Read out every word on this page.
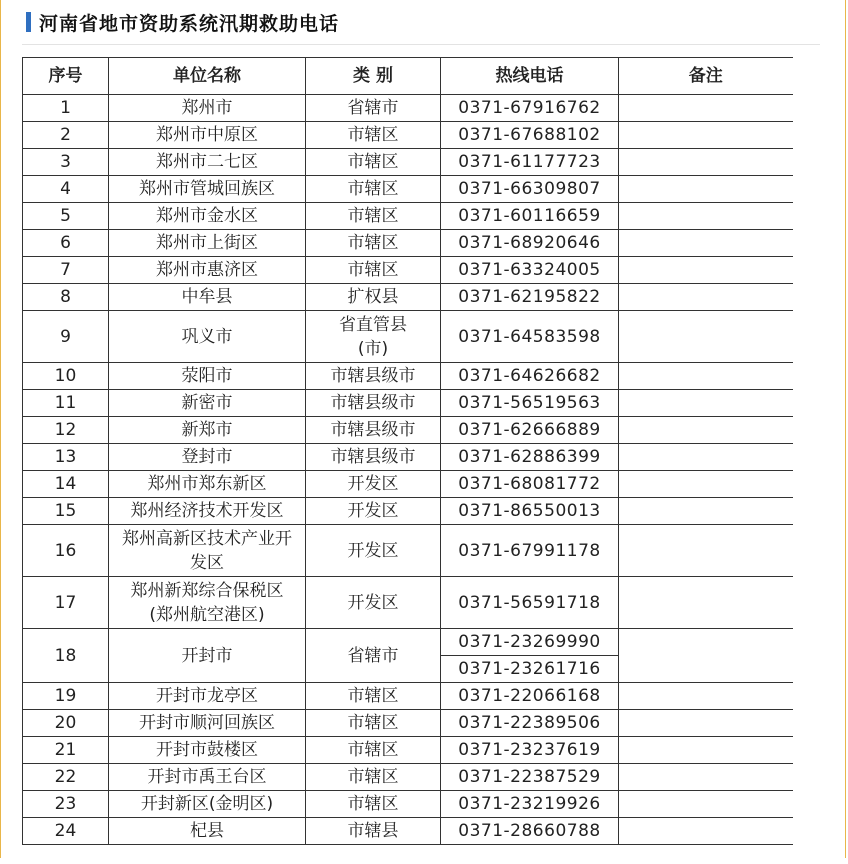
河南省地市资助系统汛期救助电话
序号	单位名称	类 别	热线电话	备注
1	郑州市	省辖市	0371-67916762	
2	郑州市中原区	市辖区	0371-67688102	
3	郑州市二七区	市辖区	0371-61177723	
4	郑州市管城回族区	市辖区	0371-66309807	
5	郑州市金水区	市辖区	0371-60116659	
6	郑州市上街区	市辖区	0371-68920646	
7	郑州市惠济区	市辖区	0371-63324005	
8	中牟县	扩权县	0371-62195822	
9	巩义市	省直管县
(市)	0371-64583598	
10	荥阳市	市辖县级市	0371-64626682	
11	新密市	市辖县级市	0371-56519563	
12	新郑市	市辖县级市	0371-62666889	
13	登封市	市辖县级市	0371-62886399	
14	郑州市郑东新区	开发区	0371-68081772	
15	郑州经济技术开发区	开发区	0371-86550013	
16	郑州高新区技术产业开
发区	开发区	0371-67991178	
17	郑州新郑综合保税区
(郑州航空港区)	开发区	0371-56591718	
18	开封市	省辖市	0371-23269990	
			0371-23261716	
19	开封市龙亭区	市辖区	0371-22066168	
20	开封市顺河回族区	市辖区	0371-22389506	
21	开封市鼓楼区	市辖区	0371-23237619	
22	开封市禹王台区	市辖区	0371-22387529	
23	开封新区(金明区)	市辖区	0371-23219926	
24	杞县	市辖县	0371-28660788	
